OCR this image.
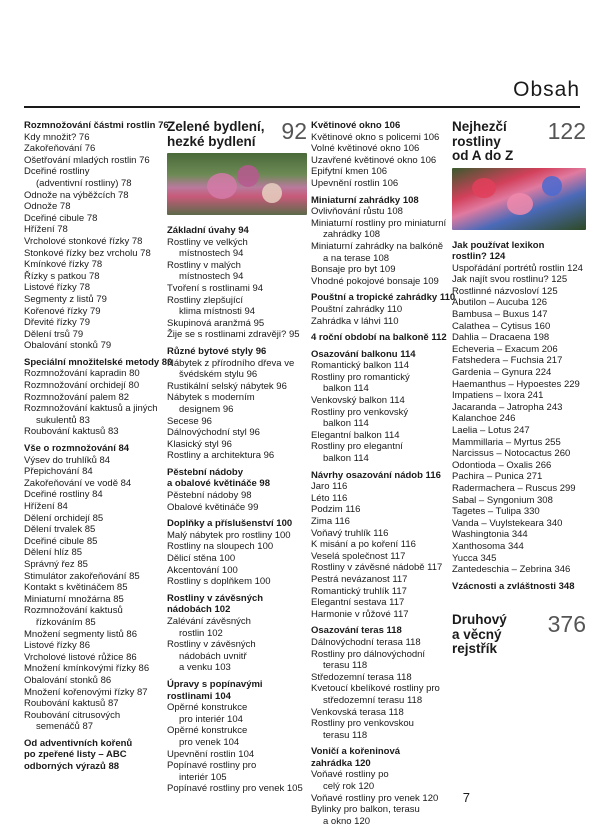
Obsah
Rozmnožování částmi rostlin 76
Kdy množit? 76
Zakořeňování 76
Ošetřování mladých rostlin 76
Dceřiné rostliny
(adventivní rostliny) 78
Odnože na výběžcích 78
Odnože 78
Dceřiné cibule 78
Hřížení 78
Vrcholové stonkové řízky 78
Stonkové řízky bez vrcholu 78
Kmínkové řízky 78
Řízky s patkou 78
Listové řízky 78
Segmenty z listů 79
Kořenové řízky 79
Dřevité řízky 79
Dělení trsů 79
Obalování stonků 79
Speciální množitelské metody 80
Rozmnožování kapradin 80
Rozmnožování orchidejí 80
Rozmnožování palem 82
Rozmnožování kaktusů a jiných
sukulentů 83
Roubování kaktusů 83
Vše o rozmnožování 84
Výsev do truhlíků 84
Přepichování 84
Zakořeňování ve vodě 84
Dceřiné rostliny 84
Hřížení 84
Dělení orchidejí 85
Dělení trvalek 85
Dceřiné cibule 85
Dělení hlíz 85
Správný řez 85
Stimulátor zakořeňování 85
Kontakt s květináčem 85
Miniaturní množárna 85
Rozmnožování kaktusů
řízkováním 85
Množení segmenty listů 86
Listové řízky 86
Vrcholové listové růžice 86
Množení kmínkovými řízky 86
Obalování stonků 86
Množení kořenovými řízky 87
Roubování kaktusů 87
Roubování citrusových
semenáčů 87
Od adventivních kořenů
po zpeřené listy – ABC
odborných výrazů 88
Zelené bydlení,
hezké bydlení	92
Základní úvahy 94
Rostliny ve velkých
místnostech 94
Rostliny v malých
místnostech 94
Tvoření s rostlinami 94
Rostliny zlepšující
klima místnosti 94
Skupinová aranžmá 95
Žije se s rostlinami zdravěji? 95
Různé bytové styly 96
Nábytek z přírodního dřeva ve
švédském stylu 96
Rustikální selský nábytek 96
Nábytek s moderním
designem 96
Secese 96
Dálnovýchodní styl 96
Klasický styl 96
Rostliny a architektura 96
Pěstební nádoby
a obalové květináče 98
Pěstební nádoby 98
Obalové květináče 99
Doplňky a příslušenství 100
Malý nábytek pro rostliny 100
Rostliny na sloupech 100
Dělicí stěna 100
Akcentování 100
Rostliny s doplňkem 100
Rostliny v závěsných
nádobách 102
Zalévání závěsných
rostlin 102
Rostliny v závěsných
nádobách uvnitř
a venku 103
Úpravy s popínavými
rostlinami 104
Opěrné konstrukce
pro interiér 104
Opěrné konstrukce
pro venek 104
Upevnění rostlin 104
Popínavé rostliny pro
interiér 105
Popínavé rostliny pro venek 105
Květinové okno 106
Květinové okno s policemi 106
Volné květinové okno 106
Uzavřené květinové okno 106
Epifytní kmen 106
Upevnění rostlin 106
Miniaturní zahrádky 108
Ovlivňování růstu 108
Miniaturní rostliny pro miniaturní
zahrádky 108
Miniaturní zahrádky na balkóně
a na terase 108
Bonsaje pro byt 109
Vhodné pokojové bonsaje 109
Pouštní a tropické zahrádky 110
Pouštní zahrádky 110
Zahrádka v láhvi 110
4 roční období na balkoně 112
Osazování balkonu 114
Romantický balkon 114
Rostliny pro romantický
balkon 114
Venkovský balkon 114
Rostliny pro venkovský
balkon 114
Elegantní balkon 114
Rostliny pro elegantní
balkon 114
Návrhy osazování nádob 116
Jaro 116
Léto 116
Podzim 116
Zima 116
Voňavý truhlík 116
K misání a po koření 116
Veselá společnost 117
Rostliny v závěsné nádobě 117
Pestrá nevázanost 117
Romantický truhlík 117
Elegantní sestava 117
Harmonie v růžové 117
Osazování teras 118
Dálnovýchodní terasa 118
Rostliny pro dálnovýchodní
terasu 118
Středozemní terasa 118
Kvetoucí kbelíkové rostliny pro
středozemní terasu 118
Venkovská terasa 118
Rostliny pro venkovskou
terasu 118
Voničí a kořeninová
zahrádka 120
Voňavé rostliny po
celý rok 120
Voňavé rostliny pro venek 120
Bylinky pro balkon, terasu
a okno 120
Nejhezčí rostliny
od A do Z
122
Jak používat lexikon
rostlin? 124
Uspořádání portrétů rostlin 124
Jak najít svou rostlinu? 125
Rostlinné názvosloví 125
Abutilon – Aucuba 126
Bambusa – Buxus 147
Calathea – Cytisus 160
Dahlia – Dracaena 198
Echeveria – Exacum 206
Fatshedera – Fuchsia 217
Gardenia – Gynura 224
Haemanthus – Hypoestes 229
Impatiens – Ixora 241
Jacaranda – Jatropha 243
Kalanchoe 246
Laelia – Lotus 247
Mammillaria – Myrtus 255
Narcissus – Notocactus 260
Odontioda – Oxalis 266
Pachira – Punica 271
Radermachera – Ruscus 299
Sabal – Syngonium 308
Tagetes – Tulipa 330
Vanda – Vuylstekeara 340
Washingtonia 344
Xanthosoma 344
Yucca 345
Zantedeschia – Zebrina 346
Vzácnosti a zvláštnosti 348
Druhový
a věcný rejstřík
376
7
